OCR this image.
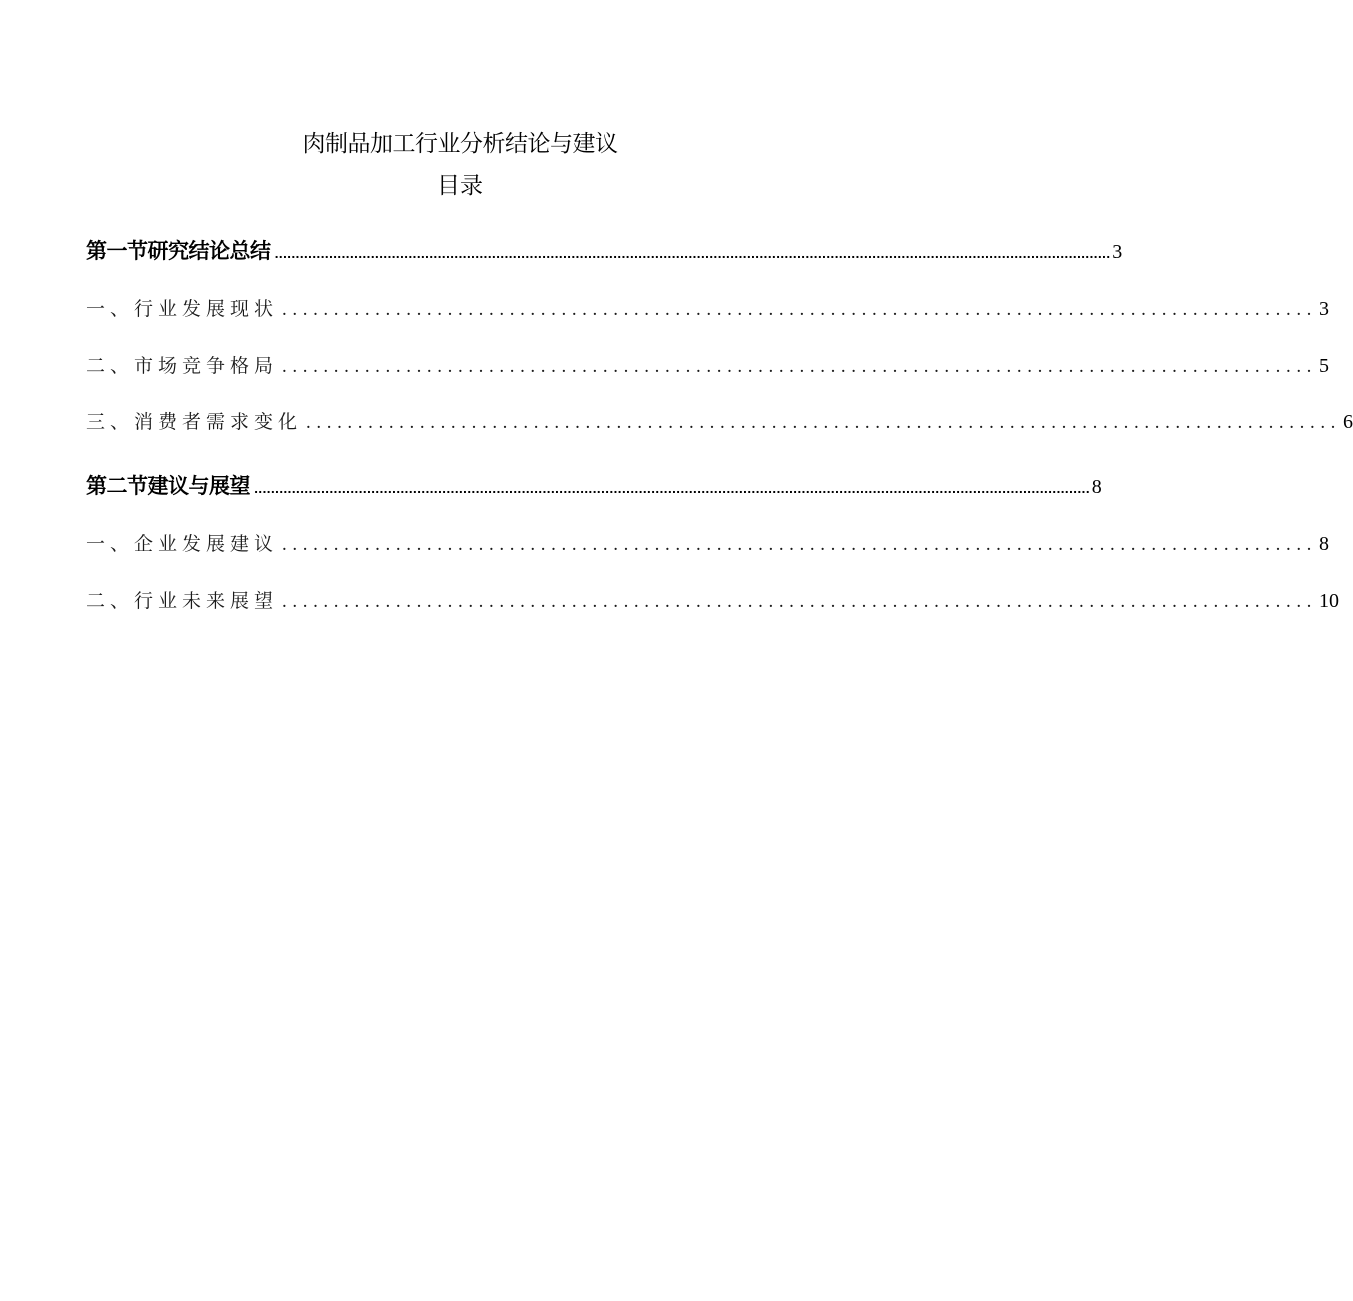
肉制品加工行业分析结论与建议
目录
第一节研究结论总结 ........................................................................................................................................................................................................ 3
一、行业发展现状 .................................................................................................... 3
二、市场竞争格局 .................................................................................................... 5
三、消费者需求变化 .................................................................................................... 6
第二节建议与展望 ........................................................................................................................................................................................................ 8
一、企业发展建议 .................................................................................................... 8
二、行业未来展望 .................................................................................................... 10
